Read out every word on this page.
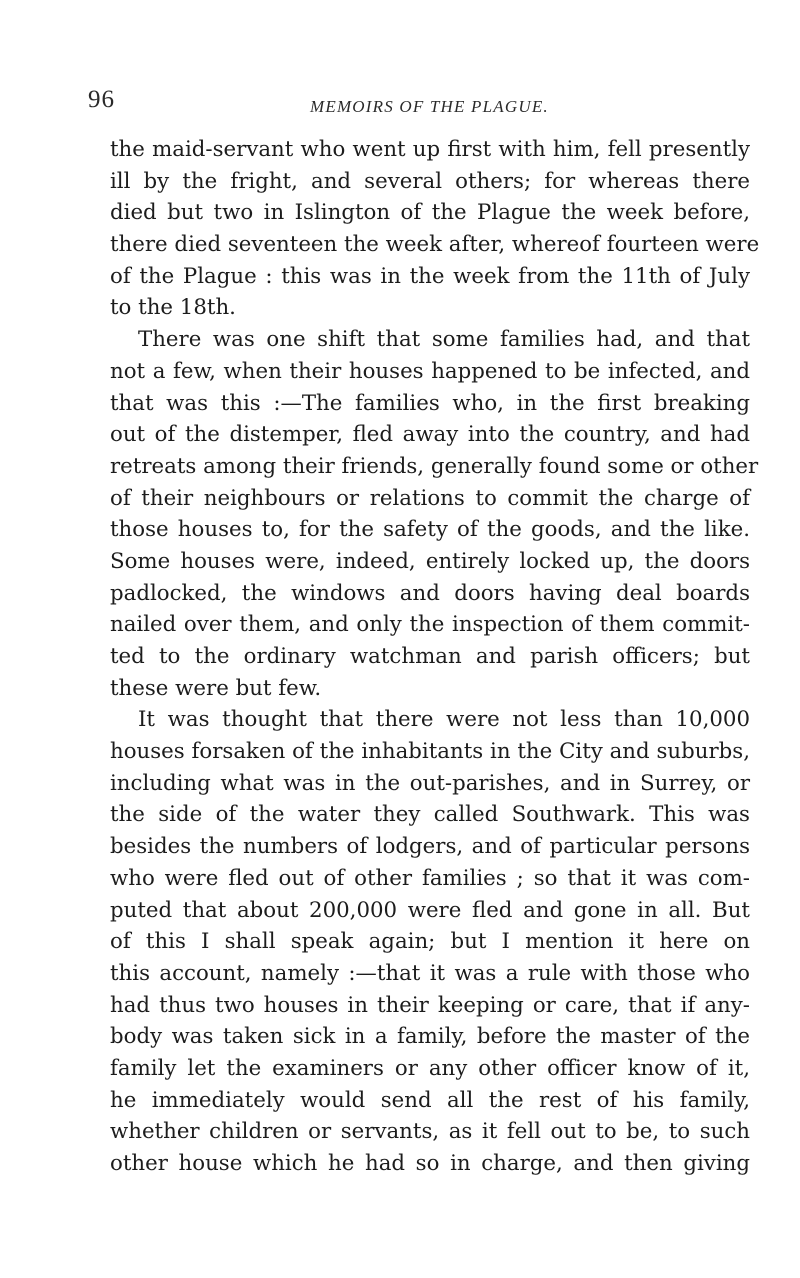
96	MEMOIRS OF THE PLAGUE.
the maid-servant who went up first with him, fell presently
ill by the fright, and several others; for whereas there
died but two in Islington of the Plague the week before,
there died seventeen the week after, whereof fourteen were
of the Plague : this was in the week from the 11th of July
to the 18th.
There was one shift that some families had, and that
not a few, when their houses happened to be infected, and
that was this :—The families who, in the first breaking
out of the distemper, fled away into the country, and had
retreats among their friends, generally found some or other
of their neighbours or relations to commit the charge of
those houses to, for the safety of the goods, and the like.
Some houses were, indeed, entirely locked up, the doors
padlocked, the windows and doors having deal boards
nailed over them, and only the inspection of them commit-
ted to the ordinary watchman and parish officers; but
these were but few.
It was thought that there were not less than 10,000
houses forsaken of the inhabitants in the City and suburbs,
including what was in the out-parishes, and in Surrey, or
the side of the water they called Southwark. This was
besides the numbers of lodgers, and of particular persons
who were fled out of other families ; so that it was com-
puted that about 200,000 were fled and gone in all. But
of this I shall speak again; but I mention it here on
this account, namely :—that it was a rule with those who
had thus two houses in their keeping or care, that if any-
body was taken sick in a family, before the master of the
family let the examiners or any other officer know of it,
he immediately would send all the rest of his family,
whether children or servants, as it fell out to be, to such
other house which he had so in charge, and then giving
